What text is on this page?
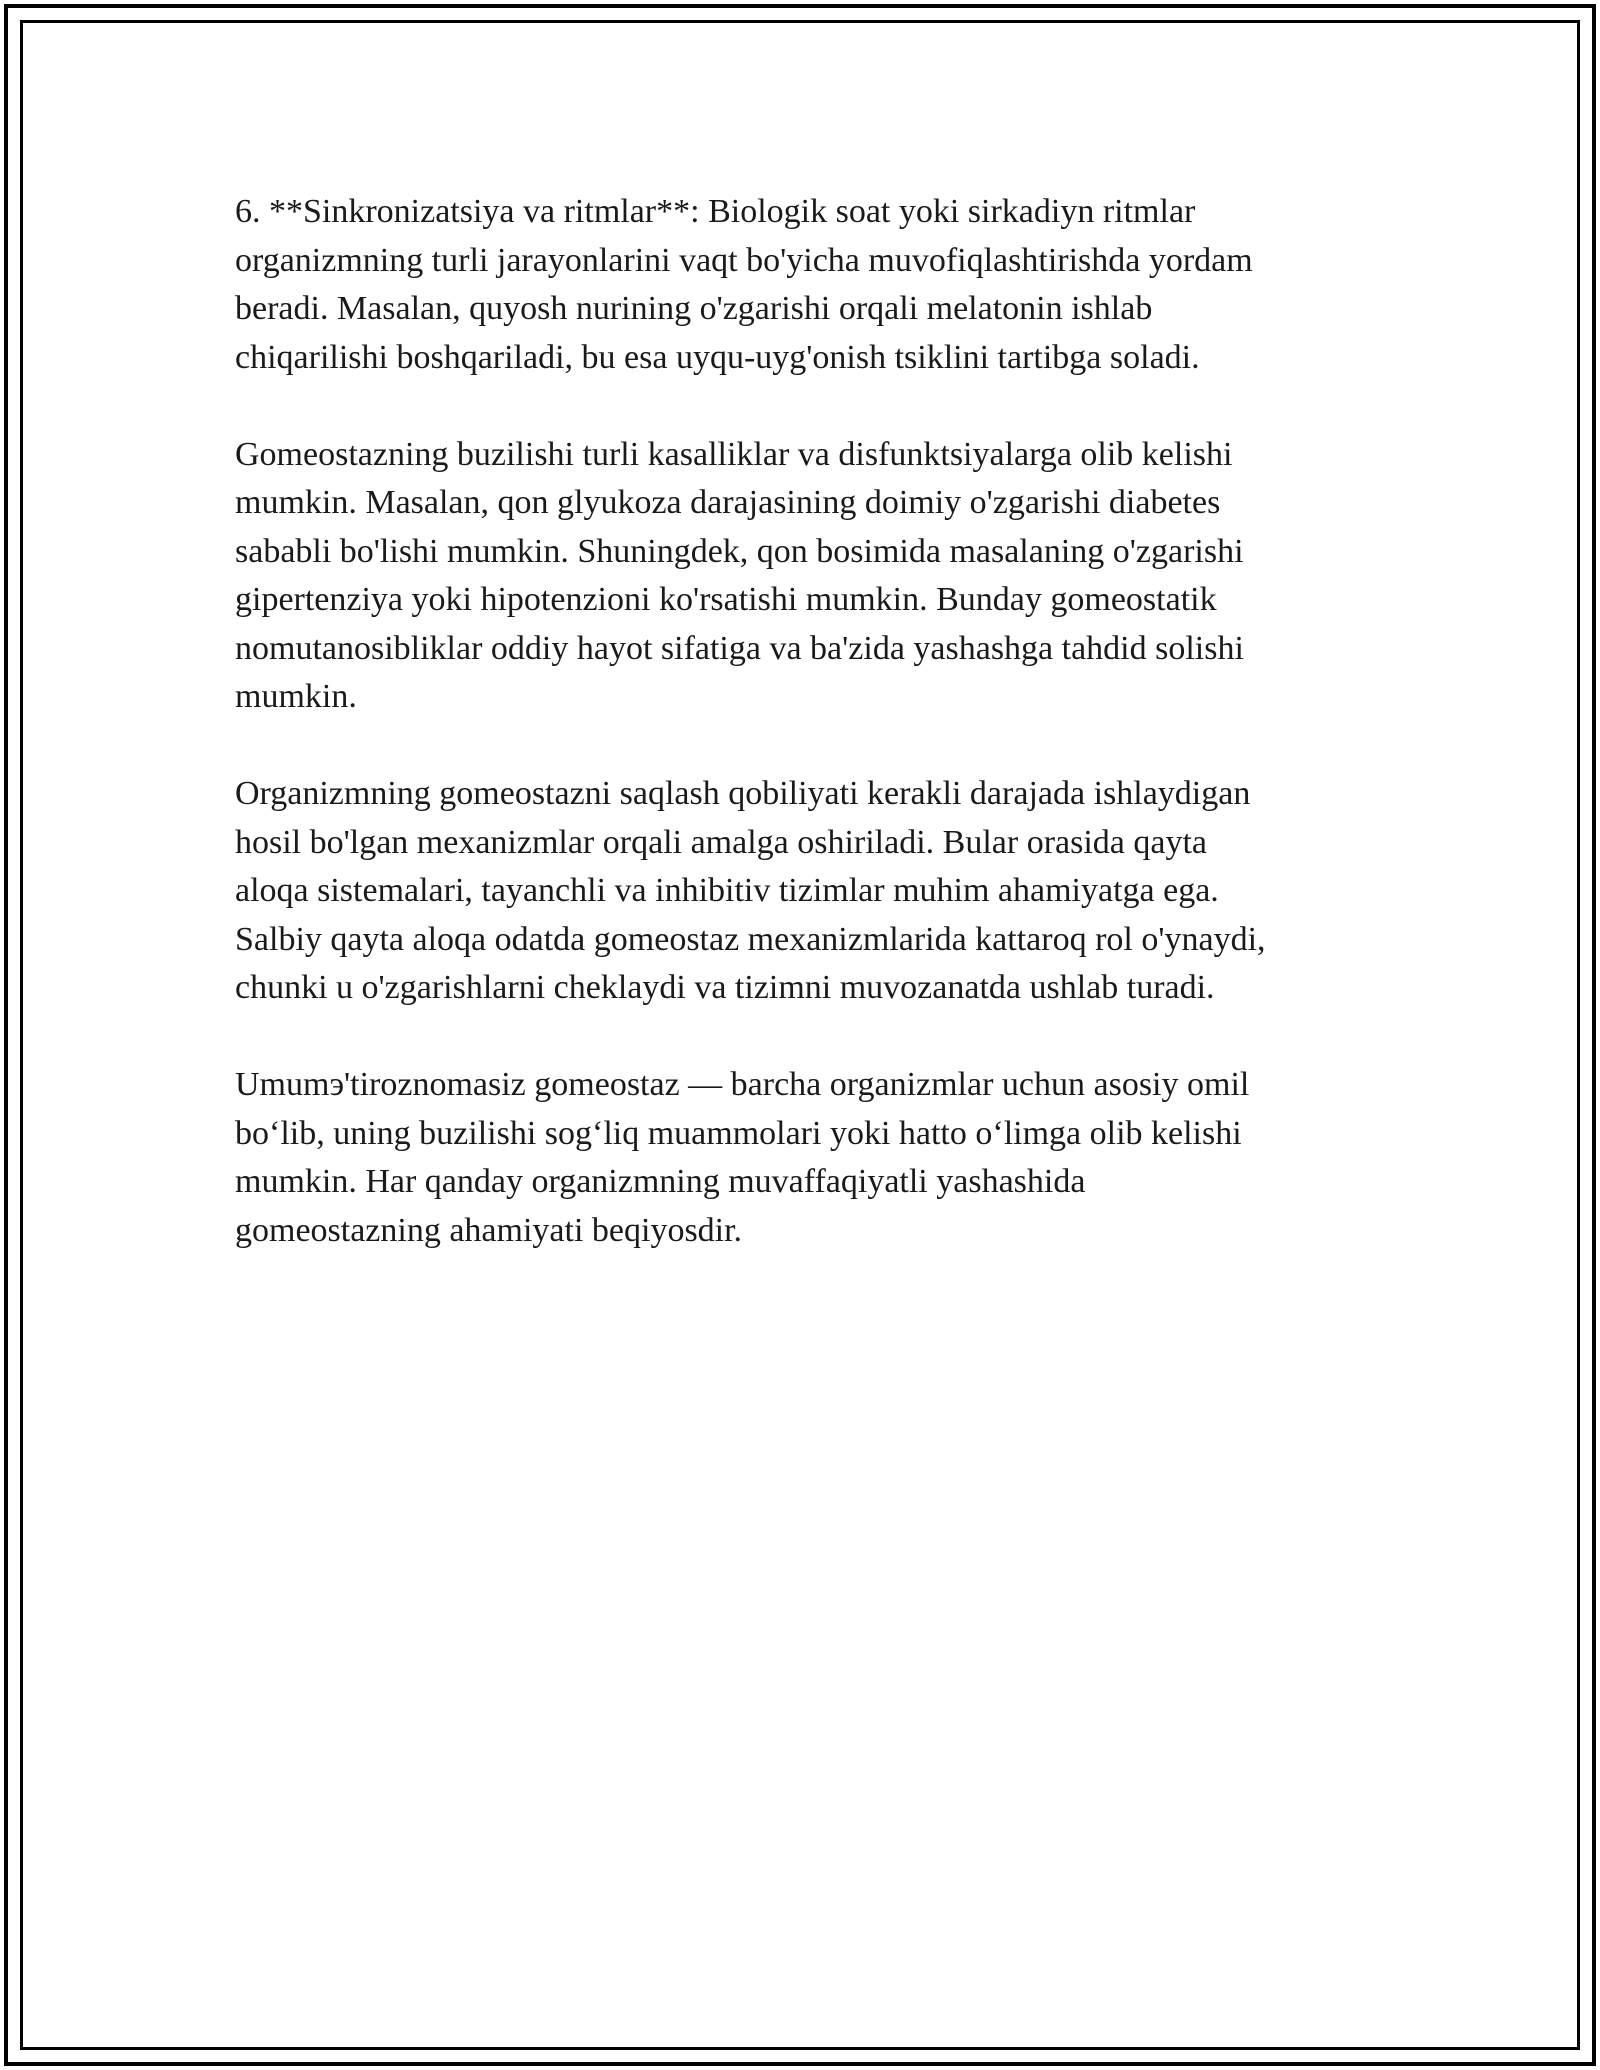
6. **Sinkronizatsiya va ritmlar**: Biologik soat yoki sirkadiyn ritmlar
organizmning turli jarayonlarini vaqt bo'yicha muvofiqlashtirishda yordam
beradi. Masalan, quyosh nurining o'zgarishi orqali melatonin ishlab
chiqarilishi boshqariladi, bu esa uyqu-uyg'onish tsiklini tartibga soladi.

Gomeostazning buzilishi turli kasalliklar va disfunktsiyalarga olib kelishi
mumkin. Masalan, qon glyukoza darajasining doimiy o'zgarishi diabetes
sababli bo'lishi mumkin. Shuningdek, qon bosimida masalaning o'zgarishi
gipertenziya yoki hipotenzioni ko'rsatishi mumkin. Bunday gomeostatik
nomutanosibliklar oddiy hayot sifatiga va ba'zida yashashga tahdid solishi
mumkin.

Organizmning gomeostazni saqlash qobiliyati kerakli darajada ishlaydigan
hosil bo'lgan mexanizmlar orqali amalga oshiriladi. Bular orasida qayta
aloqa sistemalari, tayanchli va inhibitiv tizimlar muhim ahamiyatga ega.
Salbiy qayta aloqa odatda gomeostaz mexanizmlarida kattaroq rol o'ynaydi,
chunki u o'zgarishlarni cheklaydi va tizimni muvozanatda ushlab turadi.

Umumэ'tiroznomasiz gomeostaz — barcha organizmlar uchun asosiy omil
bo‘lib, uning buzilishi sog‘liq muammolari yoki hatto o‘limga olib kelishi
mumkin. Har qanday organizmning muvaffaqiyatli yashashida
gomeostazning ahamiyati beqiyosdir.
